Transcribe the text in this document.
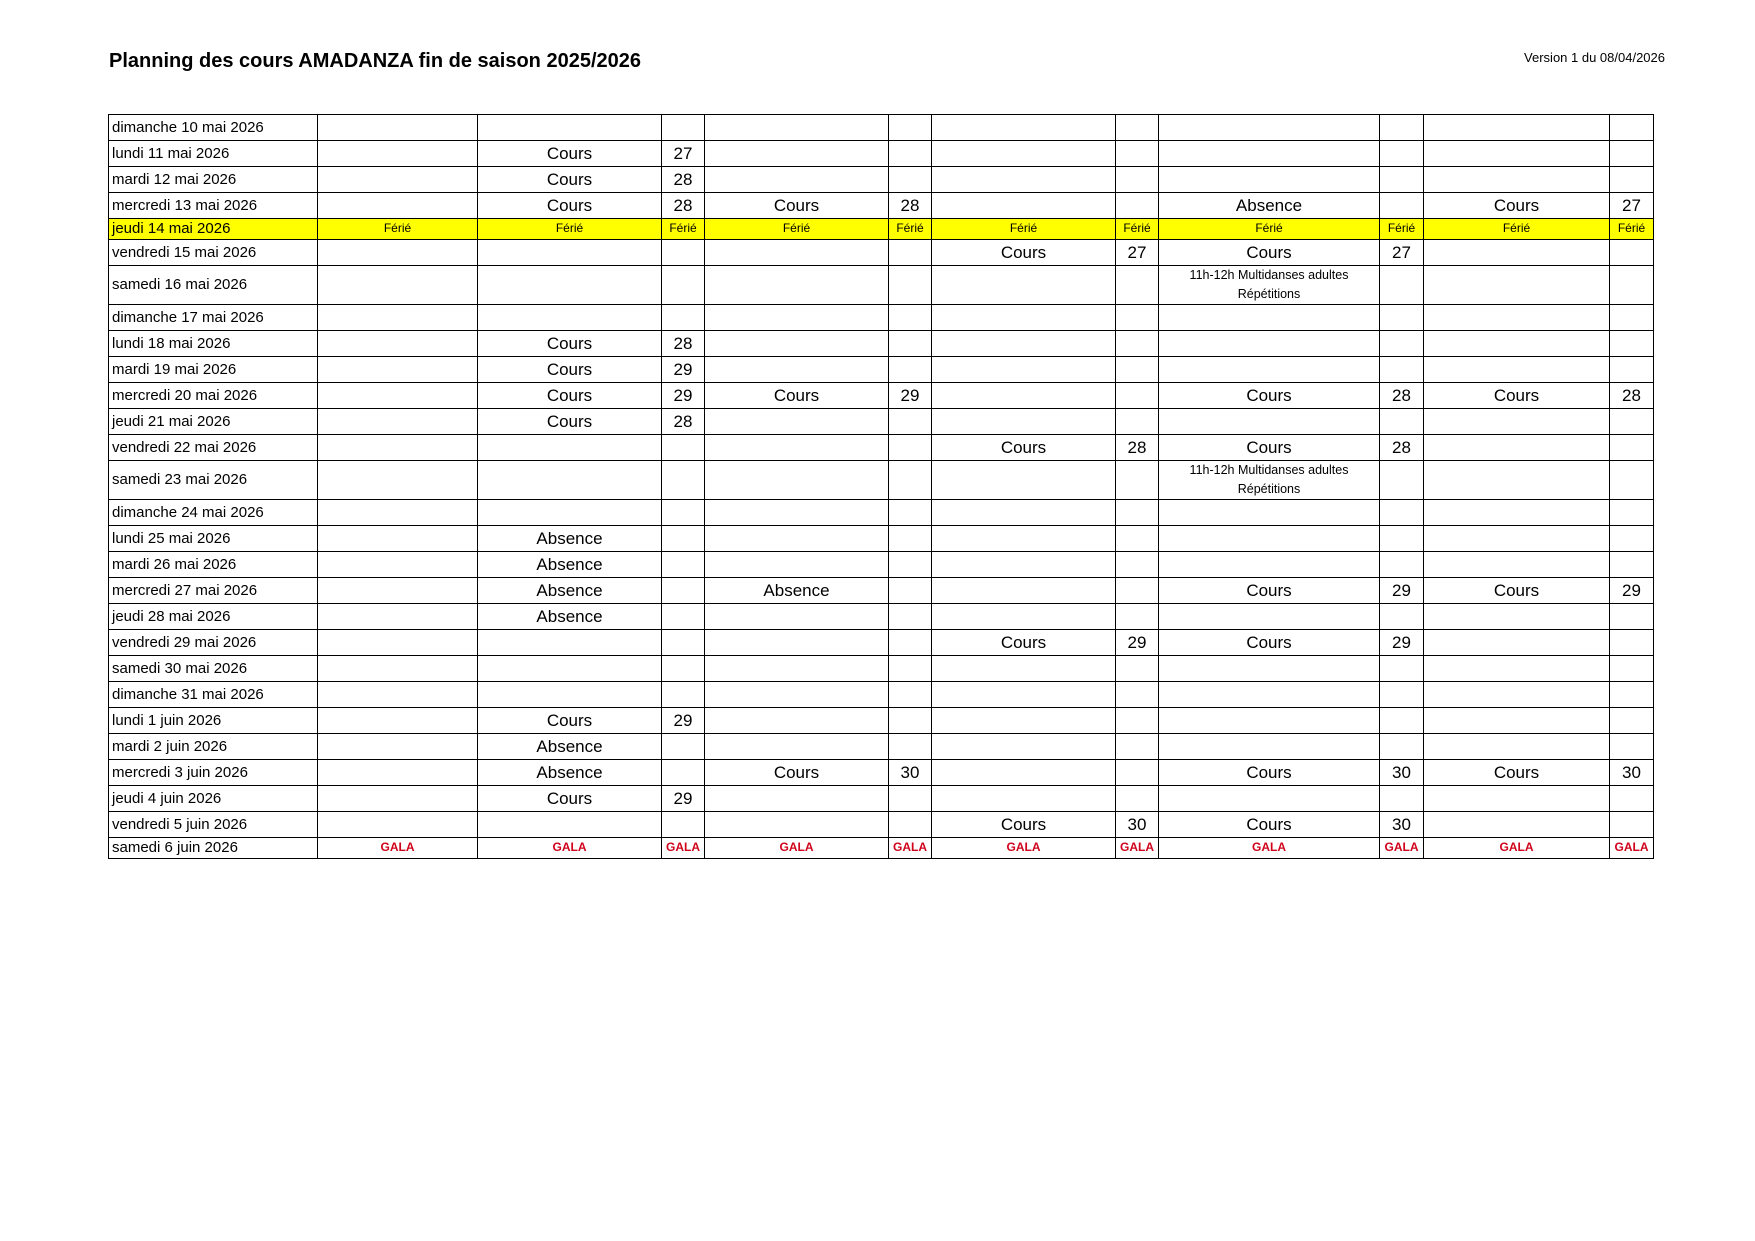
Planning des cours AMADANZA fin de saison 2025/2026	Version 1 du 08/04/2026
dimanche 10 mai 2026											
lundi 11 mai 2026		Cours	27								
mardi 12 mai 2026		Cours	28								
mercredi 13 mai 2026		Cours	28	Cours	28			Absence		Cours	27
jeudi 14 mai 2026	Férié	Férié	Férié	Férié	Férié	Férié	Férié	Férié	Férié	Férié	Férié
vendredi 15 mai 2026						Cours	27	Cours	27		
samedi 16 mai 2026								11h-12h Multidanses adultes Répétitions			
dimanche 17 mai 2026											
lundi 18 mai 2026		Cours	28								
mardi 19 mai 2026		Cours	29								
mercredi 20 mai 2026		Cours	29	Cours	29			Cours	28	Cours	28
jeudi 21 mai 2026		Cours	28								
vendredi 22 mai 2026						Cours	28	Cours	28		
samedi 23 mai 2026								11h-12h Multidanses adultes Répétitions			
dimanche 24 mai 2026											
lundi 25 mai 2026		Absence									
mardi 26 mai 2026		Absence									
mercredi 27 mai 2026		Absence		Absence				Cours	29	Cours	29
jeudi 28 mai 2026		Absence									
vendredi 29 mai 2026						Cours	29	Cours	29		
samedi 30 mai 2026											
dimanche 31 mai 2026											
lundi 1 juin 2026		Cours	29								
mardi 2 juin 2026		Absence									
mercredi 3 juin 2026		Absence		Cours	30			Cours	30	Cours	30
jeudi 4 juin 2026		Cours	29								
vendredi 5 juin 2026						Cours	30	Cours	30		
samedi 6 juin 2026	GALA	GALA	GALA	GALA	GALA	GALA	GALA	GALA	GALA	GALA	GALA
